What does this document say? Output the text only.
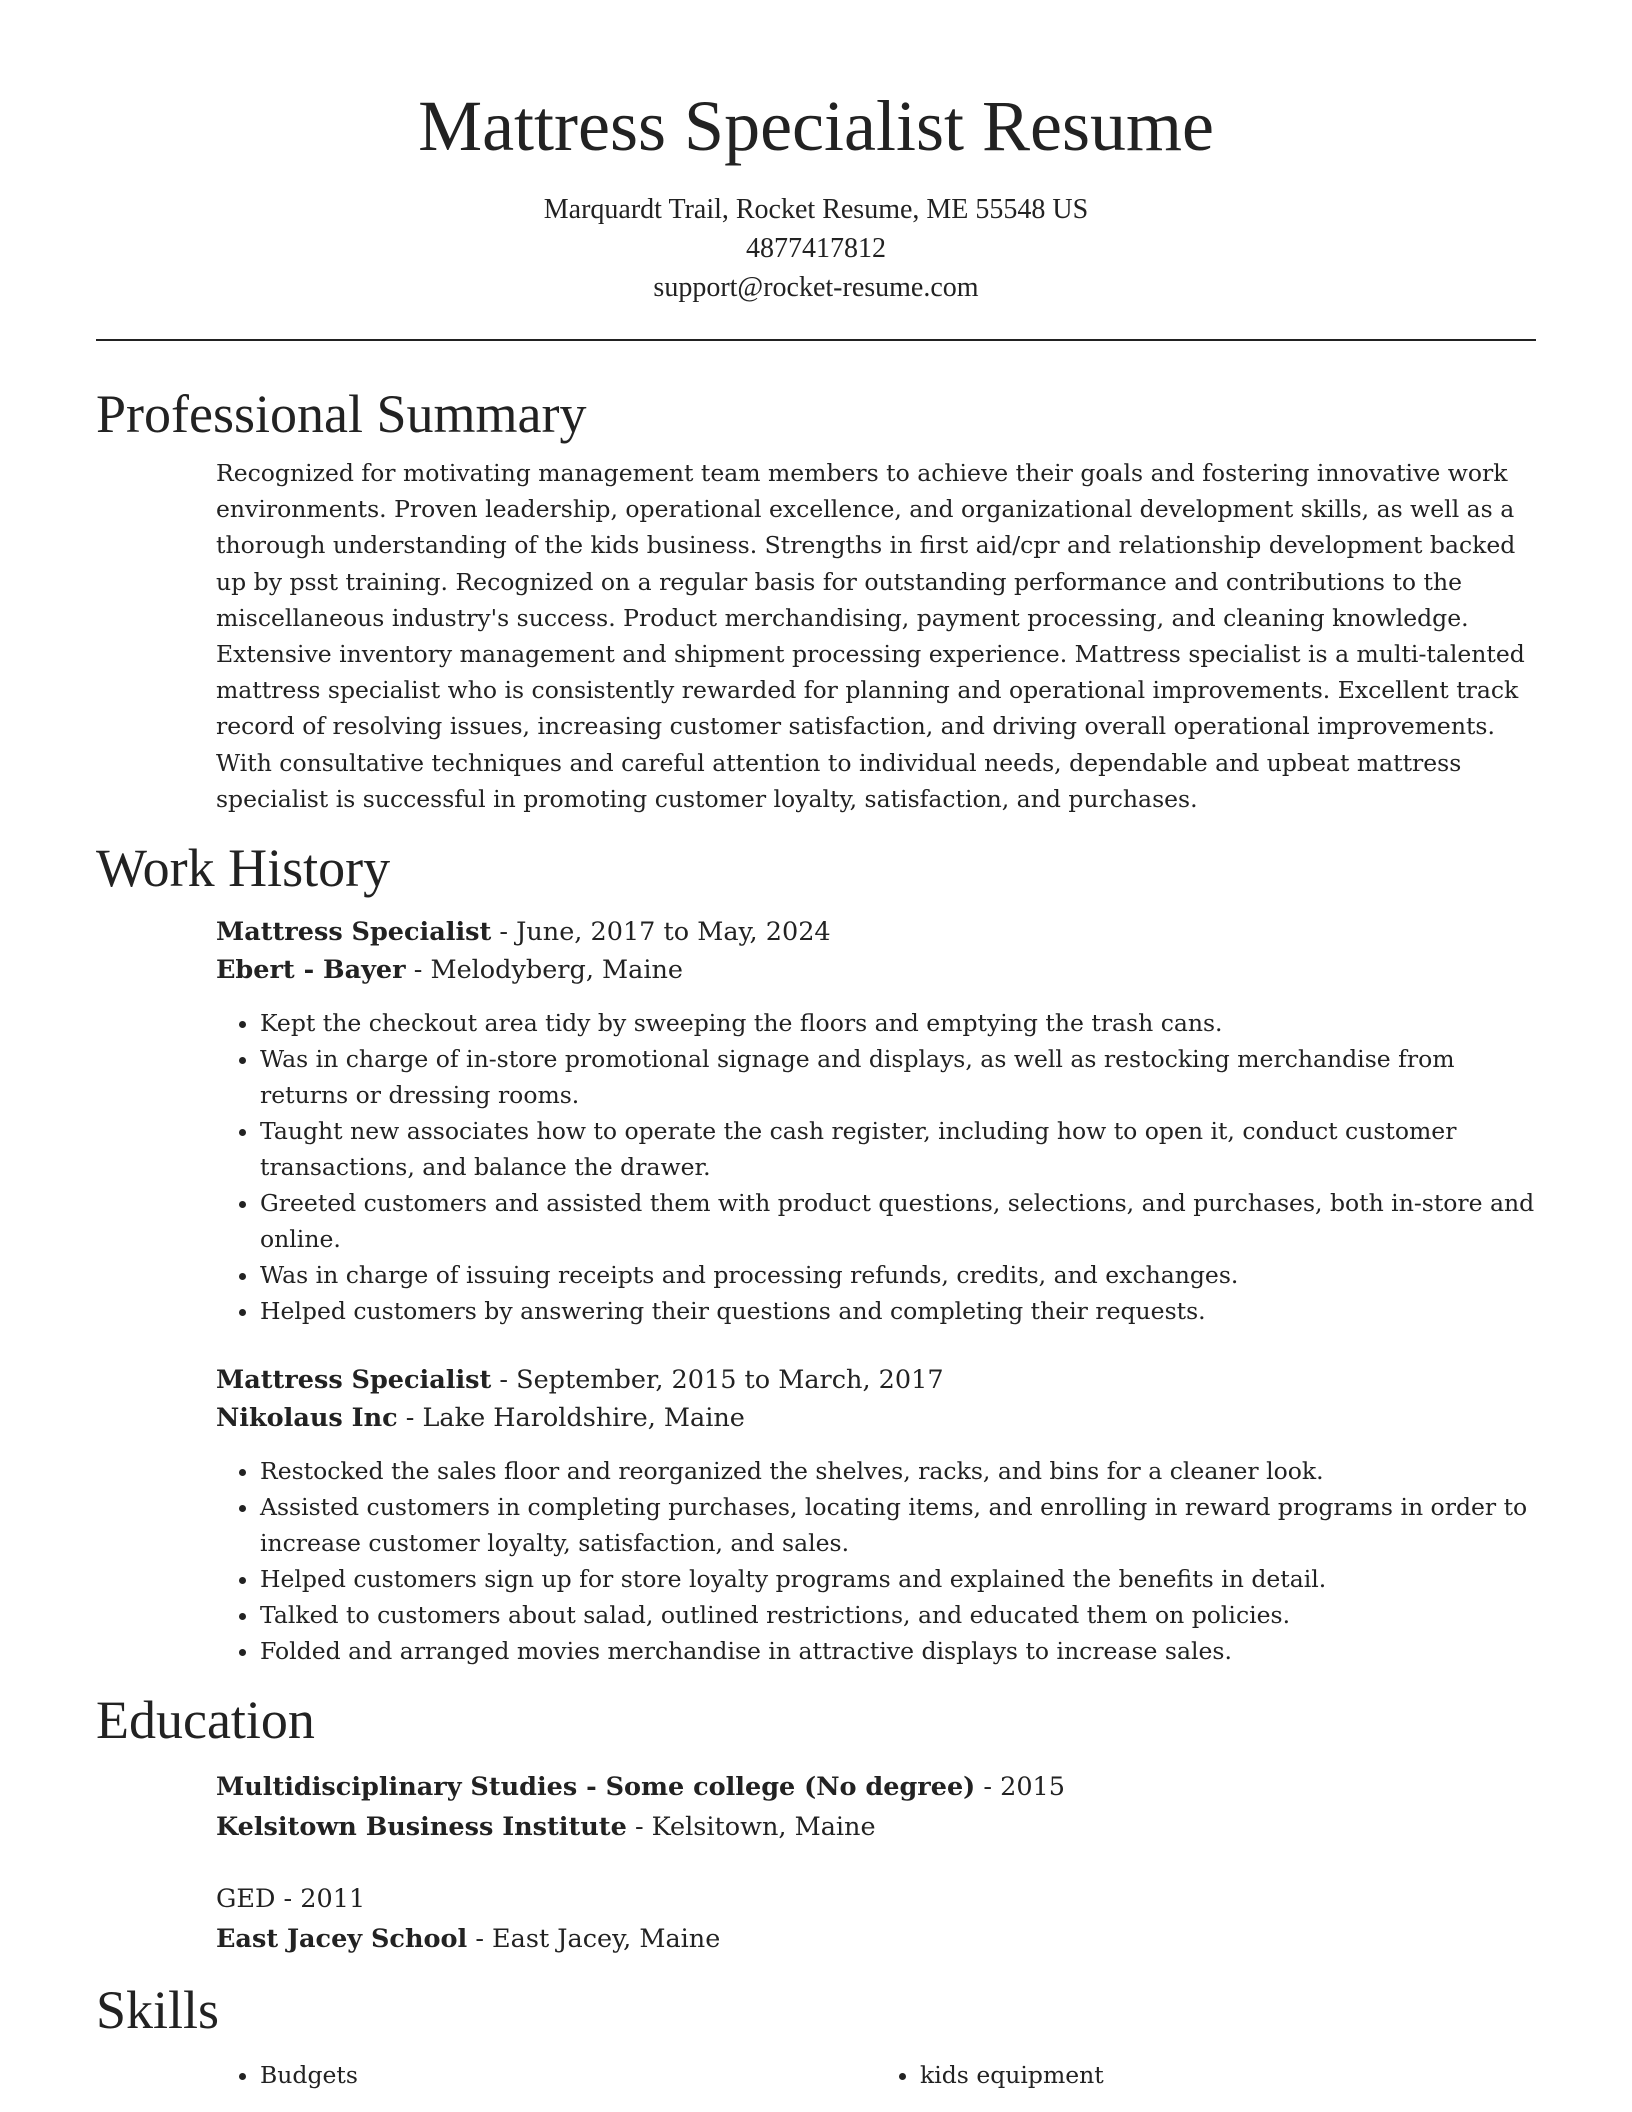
Mattress Specialist Resume
Marquardt Trail, Rocket Resume, ME 55548 US
4877417812
support@rocket-resume.com
Professional Summary

Recognized for motivating management team members to achieve their goals and fostering innovative work environments. Proven leadership, operational excellence, and organizational development skills, as well as a thorough understanding of the kids business. Strengths in first aid/cpr and relationship development backed up by psst training. Recognized on a regular basis for outstanding performance and contributions to the miscellaneous industry's success. Product merchandising, payment processing, and cleaning knowledge. Extensive inventory management and shipment processing experience. Mattress specialist is a multi-talented mattress specialist who is consistently rewarded for planning and operational improvements. Excellent track record of resolving issues, increasing customer satisfaction, and driving overall operational improvements. With consultative techniques and careful attention to individual needs, dependable and upbeat mattress specialist is successful in promoting customer loyalty, satisfaction, and purchases.

Work History
Mattress Specialist - June, 2017 to May, 2024
Ebert - Bayer - Melodyberg, Maine
• Kept the checkout area tidy by sweeping the floors and emptying the trash cans.
• Was in charge of in-store promotional signage and displays, as well as restocking merchandise from returns or dressing rooms.
• Taught new associates how to operate the cash register, including how to open it, conduct customer transactions, and balance the drawer.
• Greeted customers and assisted them with product questions, selections, and purchases, both in-store and online.
• Was in charge of issuing receipts and processing refunds, credits, and exchanges.
• Helped customers by answering their questions and completing their requests.
Mattress Specialist - September, 2015 to March, 2017
Nikolaus Inc - Lake Haroldshire, Maine
• Restocked the sales floor and reorganized the shelves, racks, and bins for a cleaner look.
• Assisted customers in completing purchases, locating items, and enrolling in reward programs in order to increase customer loyalty, satisfaction, and sales.
• Helped customers sign up for store loyalty programs and explained the benefits in detail.
• Talked to customers about salad, outlined restrictions, and educated them on policies.
• Folded and arranged movies merchandise in attractive displays to increase sales.
Education
Multidisciplinary Studies - Some college (No degree) - 2015
Kelsitown Business Institute - Kelsitown, Maine
GED - 2011
East Jacey School - East Jacey, Maine
Skills
• Budgets
•	kids equipment
